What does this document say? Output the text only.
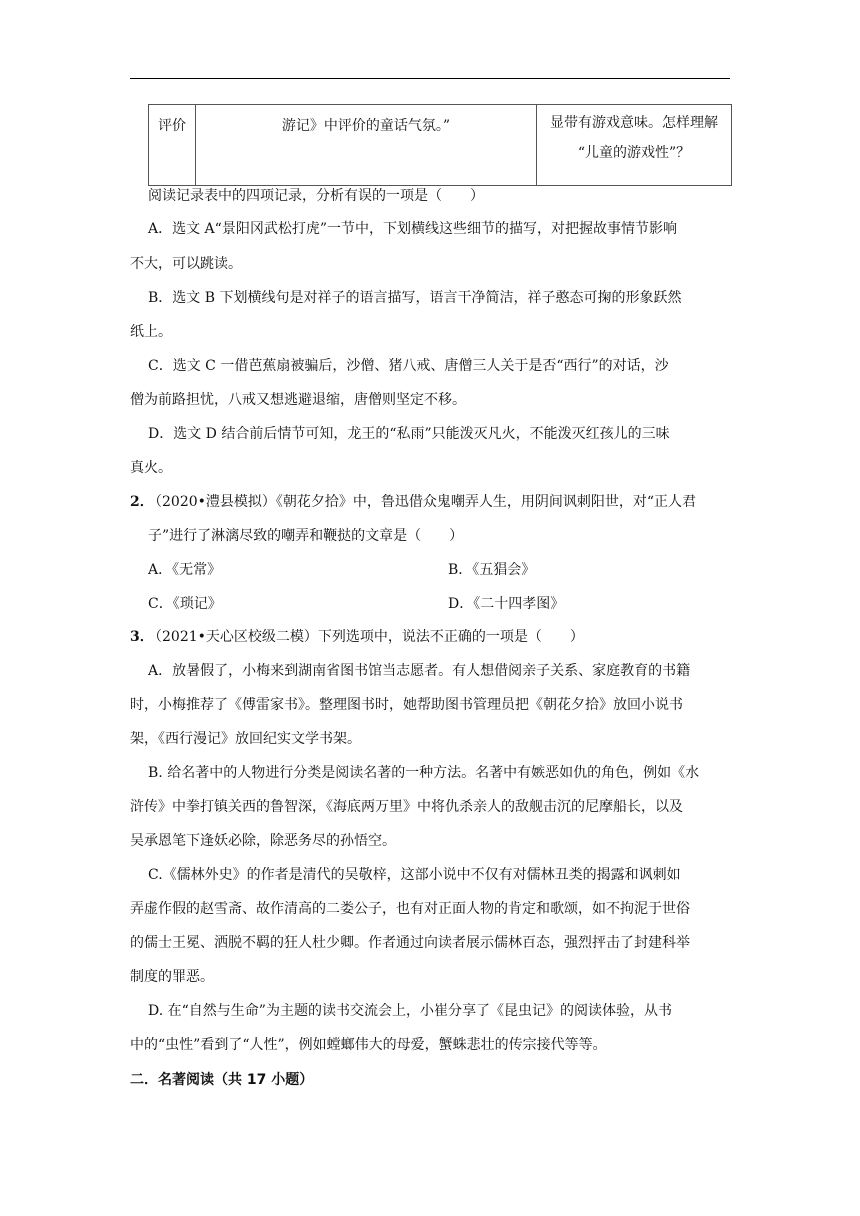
评价	游记》中评价的童话气氛。”	显带有游戏意味。怎样理解
“儿童的游戏性”？
阅读记录表中的四项记录，分析有误的一项是（　　）
A．选文 A“景阳冈武松打虎”一节中，下划横线这些细节的描写，对把握故事情节影响
不大，可以跳读。
B．选文 B 下划横线句是对祥子的语言描写，语言干净简洁，祥子憨态可掬的形象跃然
纸上。
C．选文 C 一借芭蕉扇被骗后，沙僧、猪八戒、唐僧三人关于是否“西行”的对话，沙
僧为前路担忧，八戒又想逃避退缩，唐僧则坚定不移。
D．选文 D 结合前后情节可知，龙王的“私雨”只能泼灭凡火，不能泼灭红孩儿的三味
真火。
2．
（2020•澧县模拟）《朝花夕拾》中，鲁迅借众鬼嘲弄人生，用阴间讽刺阳世，对“正人君
子”进行了淋漓尽致的嘲弄和鞭挞的文章是（　　）
A．《无常》	B．《五猖会》
C．《琐记》	D．《二十四孝图》
3．
（2021•天心区校级二模）下列选项中，说法不正确的一项是（　　）
A．放暑假了，小梅来到湖南省图书馆当志愿者。有人想借阅亲子关系、家庭教育的书籍
时，小梅推荐了《傅雷家书》。整理图书时，她帮助图书管理员把《朝花夕拾》放回小说书
架，《西行漫记》放回纪实文学书架。
B. 给名著中的人物进行分类是阅读名著的一种方法。名著中有嫉恶如仇的角色，例如《水
浒传》中拳打镇关西的鲁智深，《海底两万里》中将仇杀亲人的敌舰击沉的尼摩船长，以及
吴承恩笔下逢妖必除，除恶务尽的孙悟空。
C.《儒林外史》的作者是清代的吴敬梓，这部小说中不仅有对儒林丑类的揭露和讽刺如
弄虚作假的赵雪斋、故作清高的二娄公子，也有对正面人物的肯定和歌颂，如不拘泥于世俗
的儒士王冕、洒脱不羁的狂人杜少卿。作者通过向读者展示儒林百态，强烈抨击了封建科举
制度的罪恶。
D. 在“自然与生命”为主题的读书交流会上，小崔分享了《昆虫记》的阅读体验，从书
中的“虫性”看到了“人性”，例如螳螂伟大的母爱，蟹蛛悲壮的传宗接代等等。
二．名著阅读（共 17 小题）
